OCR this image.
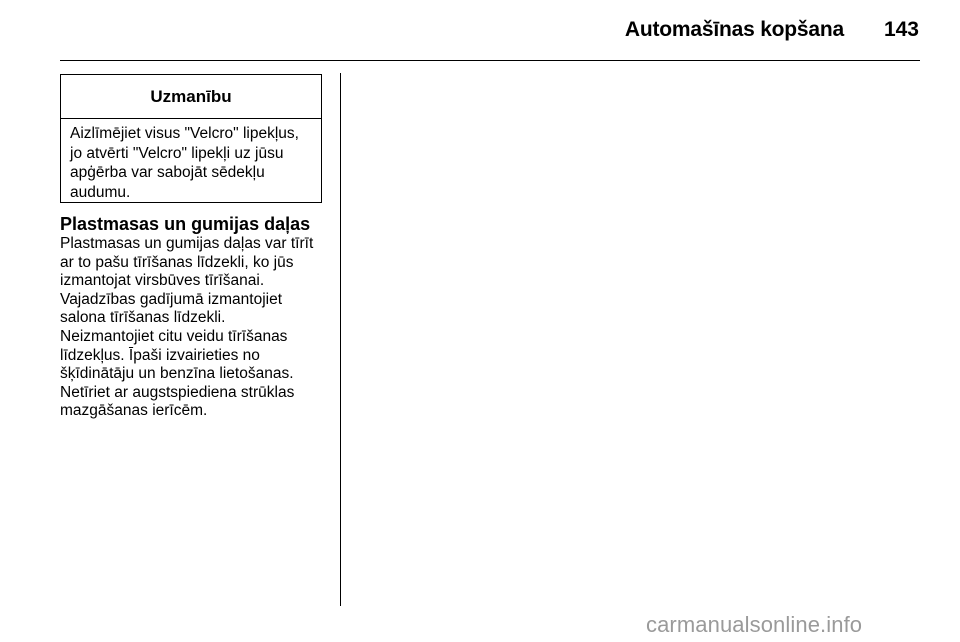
Automašīnas kopšana 143
Uzmanību
Aizlīmējiet visus "Velcro" lipekļus,
jo atvērti "Velcro" lipekļi uz jūsu
apģērba var sabojāt sēdekļu
audumu.
Plastmasas un gumijas daļas
Plastmasas un gumijas daļas var tīrīt
ar to pašu tīrīšanas līdzekli, ko jūs
izmantojat virsbūves tīrīšanai.
Vajadzības gadījumā izmantojiet
salona tīrīšanas līdzekli.
Neizmantojiet citu veidu tīrīšanas
līdzekļus. Īpaši izvairieties no
šķīdinātāju un benzīna lietošanas.
Netīriet ar augstspiediena strūklas
mazgāšanas ierīcēm.
carmanualsonline.info
